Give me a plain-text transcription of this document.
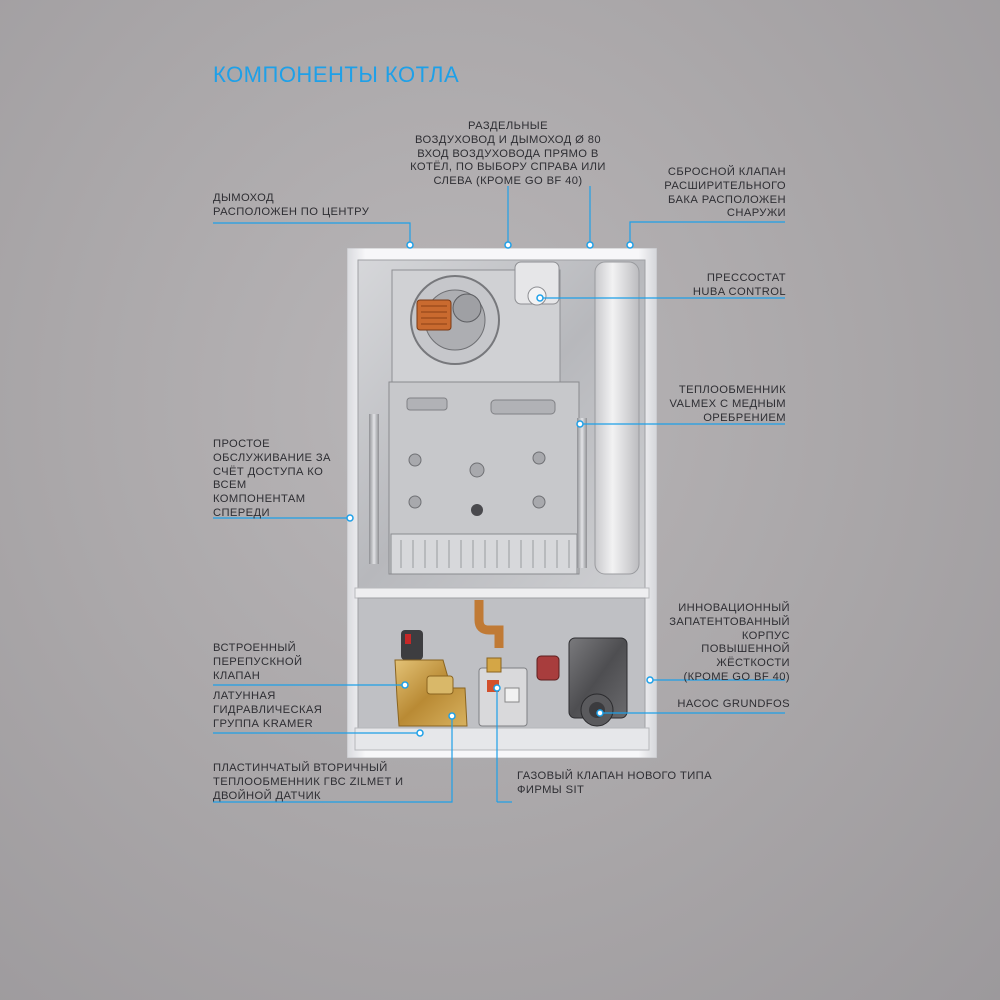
КОМПОНЕНТЫ КОТЛА
РАЗДЕЛЬНЫЕ
ВОЗДУХОВОД И ДЫМОХОД Ø 80
ВХОД ВОЗДУХОВОДА ПРЯМО В
КОТЁЛ, ПО ВЫБОРУ СПРАВА ИЛИ
СЛЕВА (КРОМЕ GO BF 40)
ДЫМОХОД
РАСПОЛОЖЕН ПО ЦЕНТРУ
СБРОСНОЙ КЛАПАН
РАСШИРИТЕЛЬНОГО
БАКА РАСПОЛОЖЕН
СНАРУЖИ
ПРЕССОСТАТ
HUBA CONTROL
ТЕПЛООБМЕННИК
VALMEX С МЕДНЫМ
ОРЕБРЕНИЕМ
ПРОСТОЕ
ОБСЛУЖИВАНИЕ ЗА
СЧЁТ ДОСТУПА КО
ВСЕМ
КОМПОНЕНТАМ
СПЕРЕДИ
ИННОВАЦИОННЫЙ
ЗАПАТЕНТОВАННЫЙ
КОРПУС
ПОВЫШЕННОЙ
ЖЁСТКОСТИ
(КРОМЕ GO BF 40)
ВСТРОЕННЫЙ
ПЕРЕПУСКНОЙ
КЛАПАН
ЛАТУННАЯ
ГИДРАВЛИЧЕСКАЯ
ГРУППА KRAMER
НАСОС GRUNDFOS
ПЛАСТИНЧАТЫЙ ВТОРИЧНЫЙ
ТЕПЛООБМЕННИК ГВС ZILMET И
ДВОЙНОЙ ДАТЧИК
ГАЗОВЫЙ КЛАПАН НОВОГО ТИПА
ФИРМЫ SIT
